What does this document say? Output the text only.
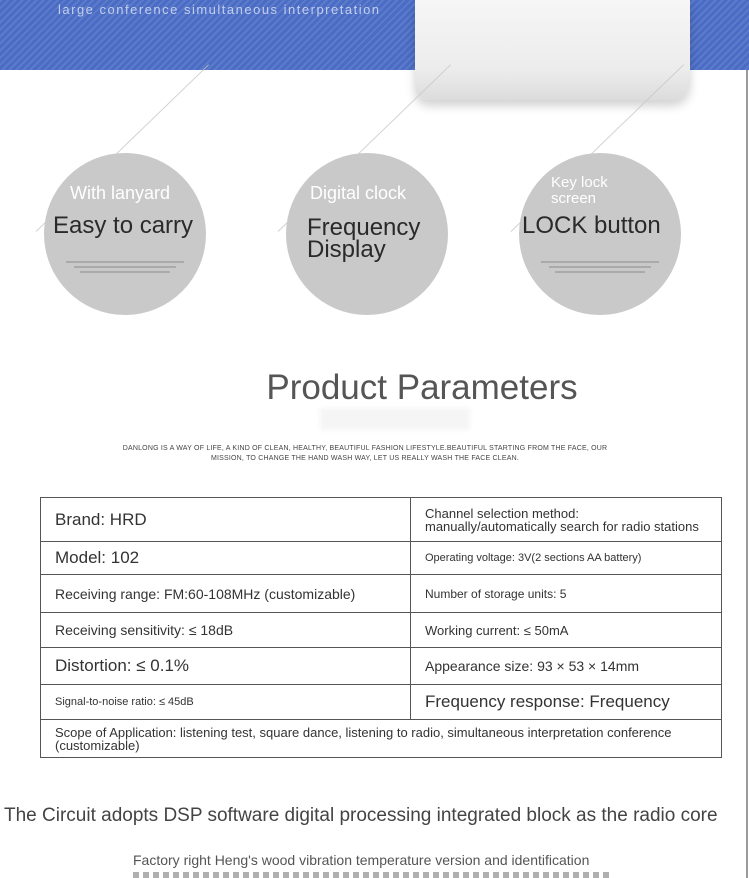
large conference simultaneous interpretation
With lanyard
Easy to carry
Digital clock
Frequency Display
Key lock screen
LOCK button
Product Parameters
DANLONG IS A WAY OF LIFE, A KIND OF CLEAN, HEALTHY, BEAUTIFUL FASHION LIFESTYLE.BEAUTIFUL STARTING FROM THE FACE, OUR MISSION, TO CHANGE THE HAND WASH WAY, LET US REALLY WASH THE FACE CLEAN.
Brand: HRD	Channel selection method: manually/automatically search for radio stations
Model: 102	Operating voltage: 3V(2 sections AA battery)
Receiving range: FM:60-108MHz (customizable)	Number of storage units: 5
Receiving sensitivity: ≤ 18dB	Working current: ≤ 50mA
Distortion: ≤ 0.1%	Appearance size: 93 × 53 × 14mm
Signal-to-noise ratio: ≤ 45dB	Frequency response: Frequency
Scope of Application: listening test, square dance, listening to radio, simultaneous interpretation conference (customizable)	
The Circuit adopts DSP software digital processing integrated block as the radio core
Factory right Heng's wood vibration temperature version and identification
